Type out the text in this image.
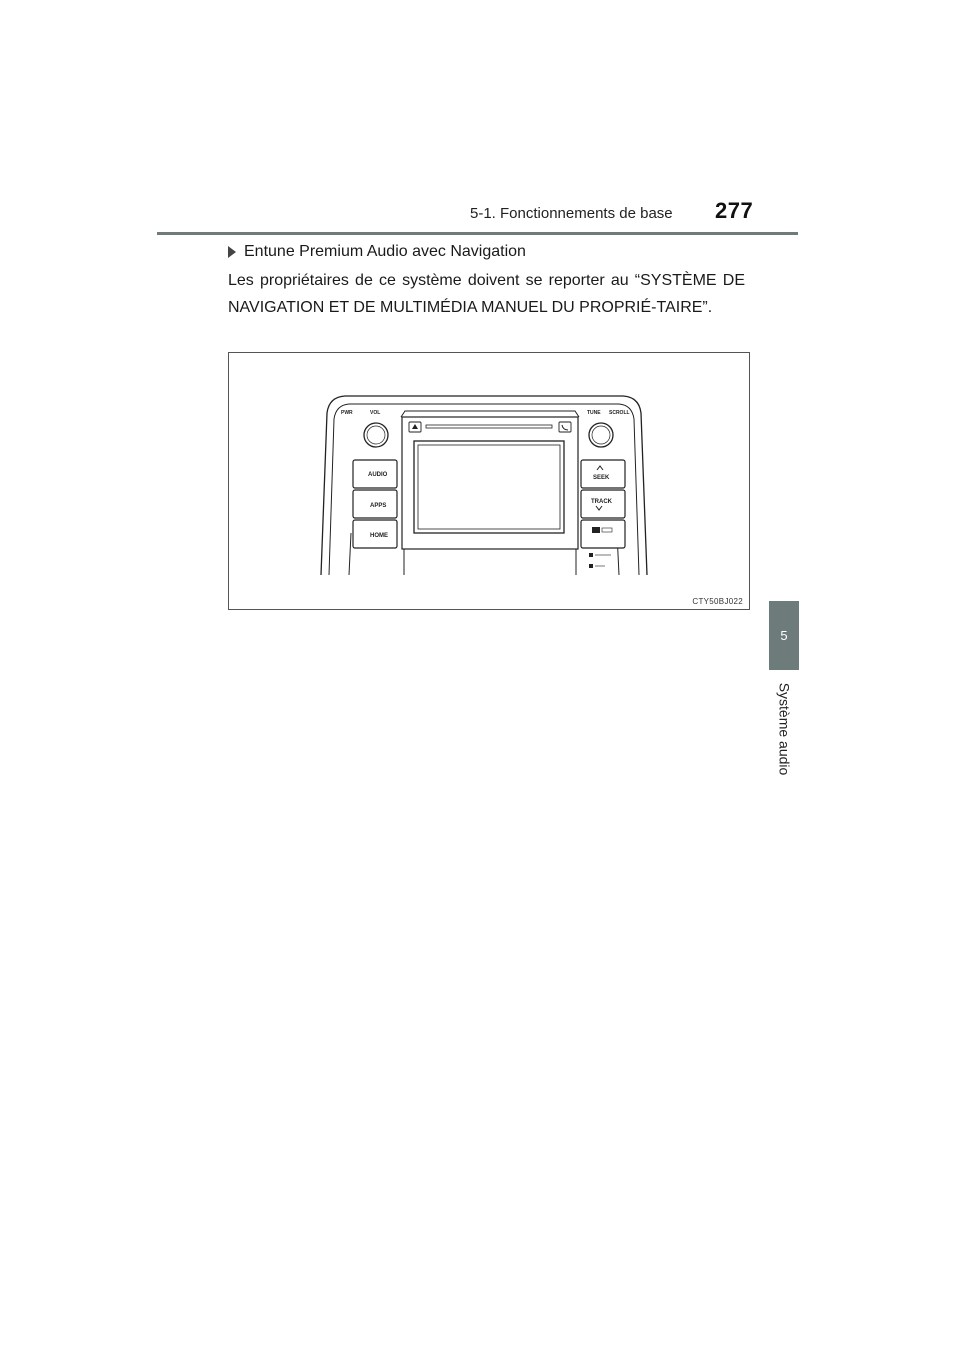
5-1. Fonctionnements de base 277
5
Système audio
Entune Premium Audio avec Navigation
Les propriétaires de ce système doivent se reporter au “SYSTÈME DE NAVIGATION ET DE MULTIMÉDIA MANUEL DU PROPRIÉ-TAIRE”.
PWR	VOL	TUNE SCROLL
AUDIO
APPS
HOME
SEEK
TRACK
CTY50BJ022
